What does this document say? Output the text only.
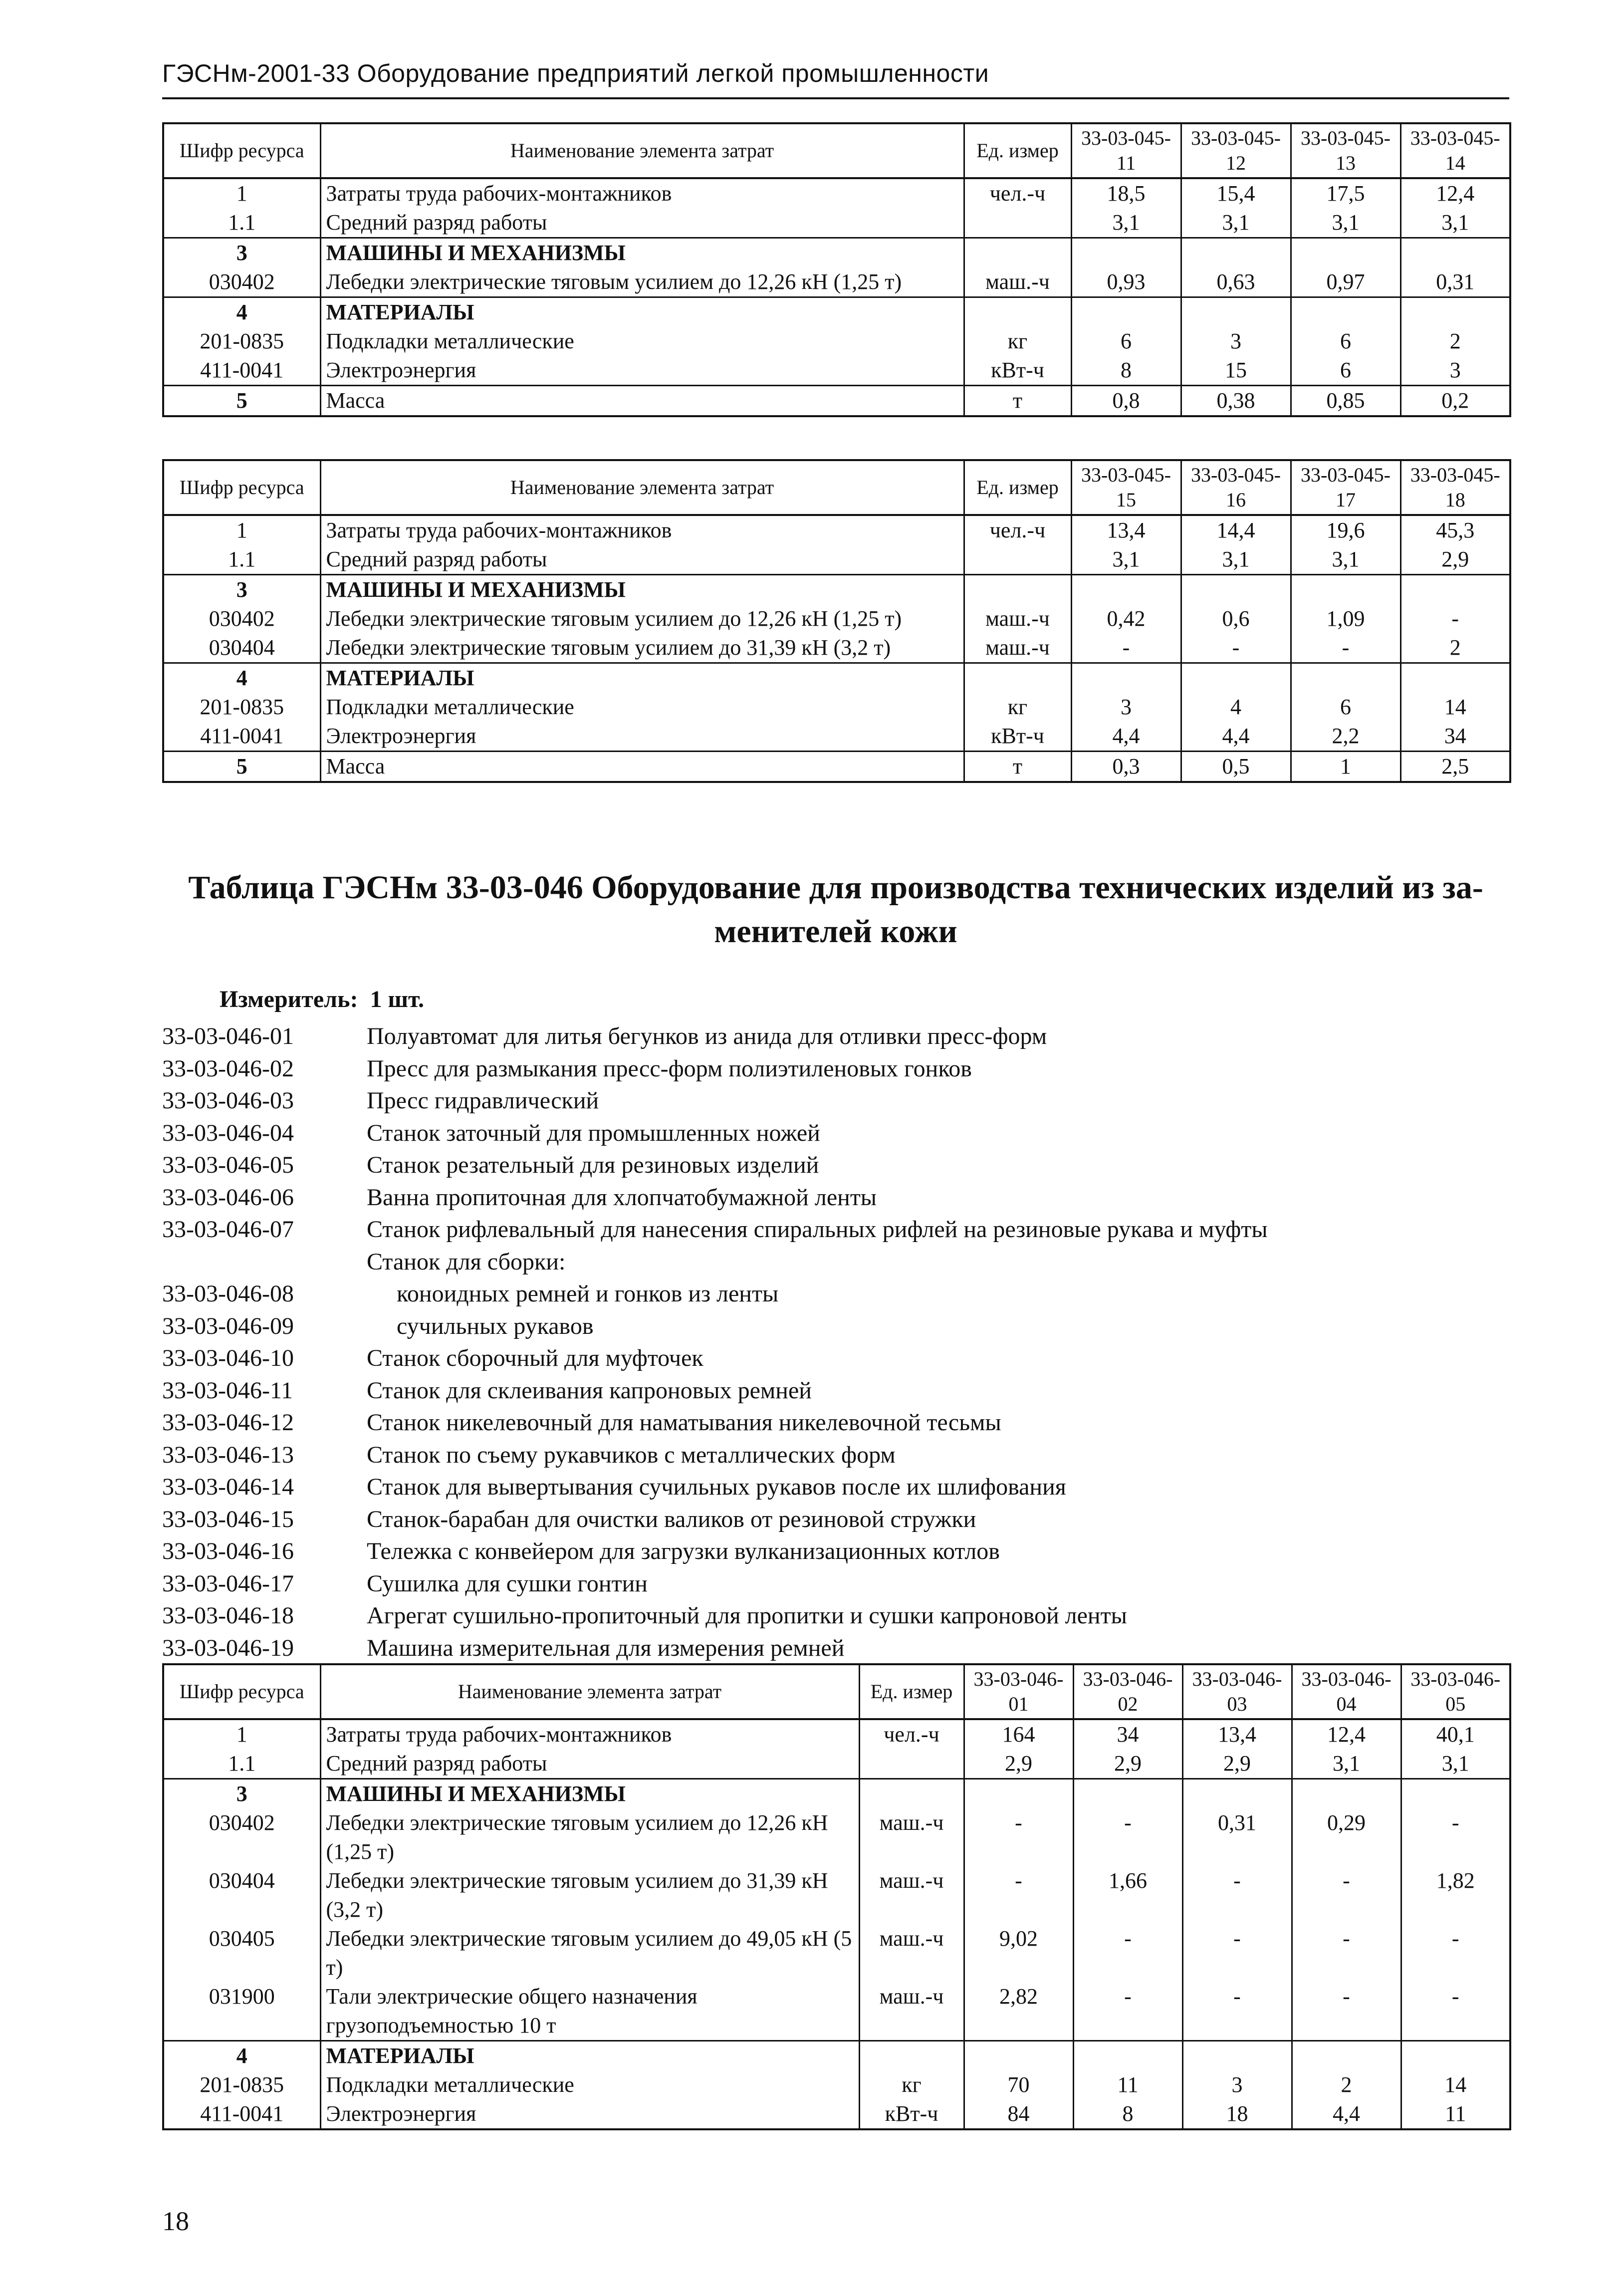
ГЭСНм-2001-33 Оборудование предприятий легкой промышленности
Шифр ресурса	Наименование элемента затрат	Ед. измер	33-03-045-11	33-03-045-12	33-03-045-13	33-03-045-14
1	Затраты труда рабочих-монтажников	чел.-ч	18,5	15,4	17,5	12,4
1.1	Средний разряд работы		3,1	3,1	3,1	3,1
3	МАШИНЫ И МЕХАНИЗМЫ					
030402	Лебедки электрические тяговым усилием до 12,26 кН (1,25 т)	маш.-ч	0,93	0,63	0,97	0,31
4	МАТЕРИАЛЫ					
201-0835	Подкладки металлические	кг	6	3	6	2
411-0041	Электроэнергия	кВт-ч	8	15	6	3
5	Масса	т	0,8	0,38	0,85	0,2
Шифр ресурса	Наименование элемента затрат	Ед. измер	33-03-045-15	33-03-045-16	33-03-045-17	33-03-045-18
1	Затраты труда рабочих-монтажников	чел.-ч	13,4	14,4	19,6	45,3
1.1	Средний разряд работы		3,1	3,1	3,1	2,9
3	МАШИНЫ И МЕХАНИЗМЫ					
030402	Лебедки электрические тяговым усилием до 12,26 кН (1,25 т)	маш.-ч	0,42	0,6	1,09	-
030404	Лебедки электрические тяговым усилием до 31,39 кН (3,2 т)	маш.-ч	-	-	-	2
4	МАТЕРИАЛЫ					
201-0835	Подкладки металлические	кг	3	4	6	14
411-0041	Электроэнергия	кВт-ч	4,4	4,4	2,2	34
5	Масса	т	0,3	0,5	1	2,5
Таблица ГЭСНм 33-03-046 Оборудование для производства технических изделий из за-
менителей кожи
Измеритель: 1 шт.
33-03-046-01	Полуавтомат для литья бегунков из анида для отливки пресс-форм
33-03-046-02	Пресс для размыкания пресс-форм полиэтиленовых гонков
33-03-046-03	Пресс гидравлический
33-03-046-04	Станок заточный для промышленных ножей
33-03-046-05	Станок резательный для резиновых изделий
33-03-046-06	Ванна пропиточная для хлопчатобумажной ленты
33-03-046-07	Станок рифлевальный для нанесения спиральных рифлей на резиновые рукава и муфты
Станок для сборки:
33-03-046-08	коноидных ремней и гонков из ленты
33-03-046-09	сучильных рукавов
33-03-046-10	Станок сборочный для муфточек
33-03-046-11	Станок для склеивания капроновых ремней
33-03-046-12	Станок никелевочный для наматывания никелевочной тесьмы
33-03-046-13	Станок по съему рукавчиков с металлических форм
33-03-046-14	Станок для вывертывания сучильных рукавов после их шлифования
33-03-046-15	Станок-барабан для очистки валиков от резиновой стружки
33-03-046-16	Тележка с конвейером для загрузки вулканизационных котлов
33-03-046-17	Сушилка для сушки гонтин
33-03-046-18	Агрегат сушильно-пропиточный для пропитки и сушки капроновой ленты
33-03-046-19	Машина измерительная для измерения ремней
Шифр ресурса	Наименование элемента затрат	Ед. измер	33-03-046-01	33-03-046-02	33-03-046-03	33-03-046-04	33-03-046-05
1	Затраты труда рабочих-монтажников	чел.-ч	164	34	13,4	12,4	40,1
1.1	Средний разряд работы		2,9	2,9	2,9	3,1	3,1
3	МАШИНЫ И МЕХАНИЗМЫ						
030402	Лебедки электрические тяговым усилием до 12,26 кН (1,25 т)	маш.-ч	-	-	0,31	0,29	-
030404	Лебедки электрические тяговым усилием до 31,39 кН (3,2 т)	маш.-ч	-	1,66	-	-	1,82
030405	Лебедки электрические тяговым усилием до 49,05 кН (5 т)	маш.-ч	9,02	-	-	-	-
031900	Тали электрические общего назначения грузоподъемностью 10 т	маш.-ч	2,82	-	-	-	-
4	МАТЕРИАЛЫ						
201-0835	Подкладки металлические	кг	70	11	3	2	14
411-0041	Электроэнергия	кВт-ч	84	8	18	4,4	11
18
